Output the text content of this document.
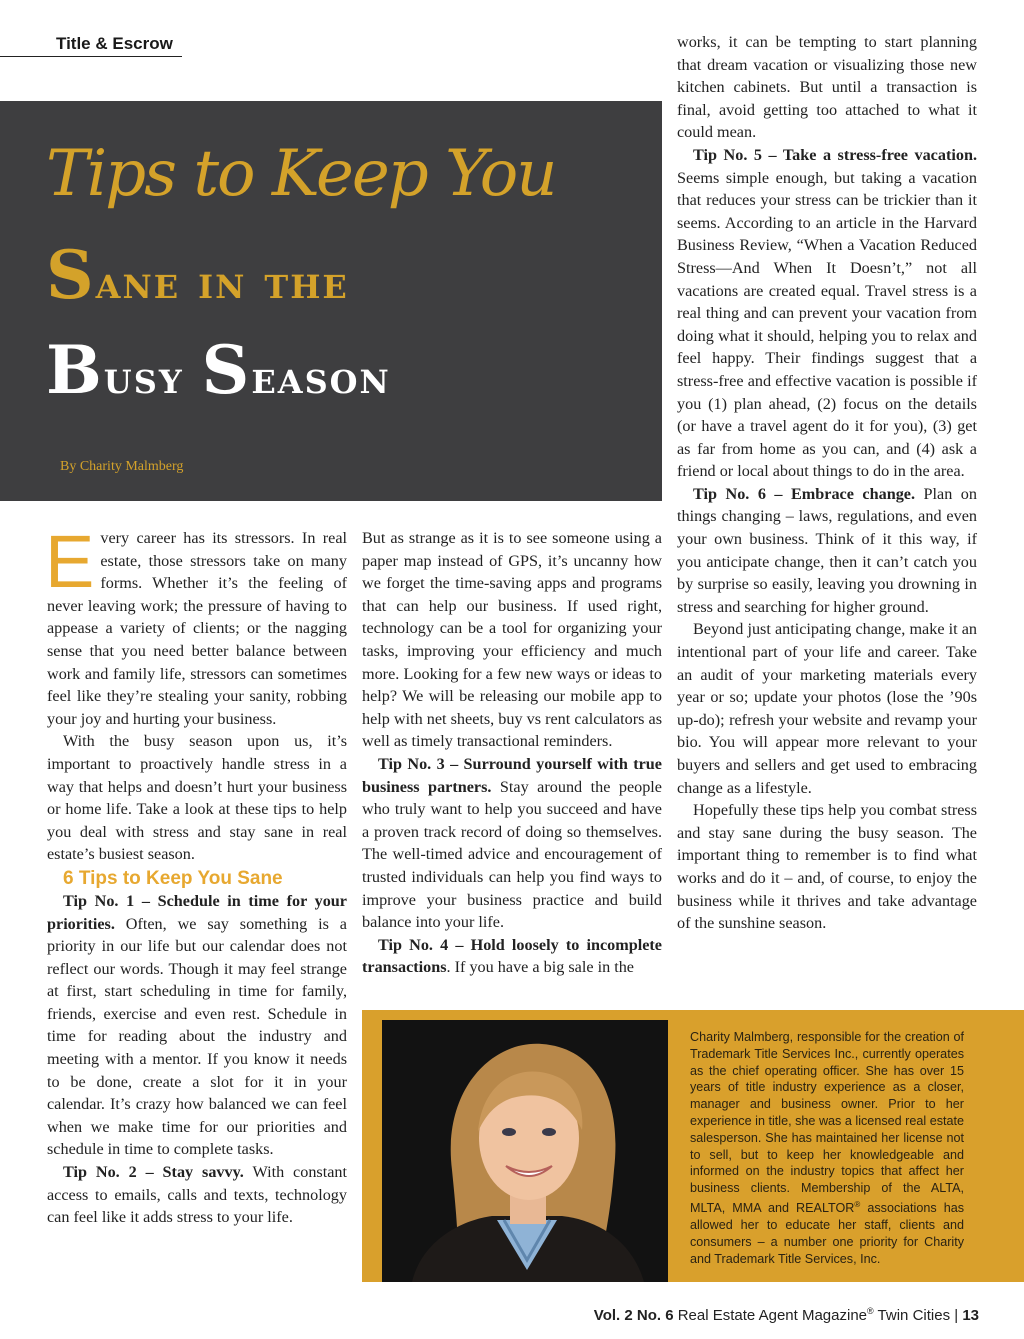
Title & Escrow
Tips to Keep You
Sane in the
Busy Season
By Charity Malmberg

Every career has its stressors. In real estate, those stressors take on many forms. Whether it’s the feeling of never leaving work; the pressure of having to appease a variety of clients; or the nagging sense that you need better balance between work and family life, stressors can sometimes feel like they’re stealing your sanity, robbing your joy and hurting your business.

With the busy season upon us, it’s important to proactively handle stress in a way that helps and doesn’t hurt your business or home life. Take a look at these tips to help you deal with stress and stay sane in real estate’s busiest season.

6 Tips to Keep You Sane

Tip No. 1 – Schedule in time for your priorities. Often, we say something is a priority in our life but our calendar does not reflect our words. Though it may feel strange at first, start scheduling in time for family, friends, exercise and even rest. Schedule in time for reading about the industry and meeting with a mentor. If you know it needs to be done, create a slot for it in your calendar. It’s crazy how balanced we can feel when we make time for our priorities and schedule in time to complete tasks.

Tip No. 2 – Stay savvy. With constant access to emails, calls and texts, technology can feel like it adds stress to your life.

But as strange as it is to see someone using a paper map instead of GPS, it’s uncanny how we forget the time-saving apps and programs that can help our business. If used right, technology can be a tool for organizing your tasks, improving your efficiency and much more. Looking for a few new ways or ideas to help? We will be releasing our mobile app to help with net sheets, buy vs rent calculators as well as timely transactional reminders.

Tip No. 3 – Surround yourself with true business partners. Stay around the people who truly want to help you succeed and have a proven track record of doing so themselves. The well-timed advice and encouragement of trusted individuals can help you find ways to improve your business practice and build balance into your life.

Tip No. 4 – Hold loosely to incomplete transactions. If you have a big sale in the

works, it can be tempting to start planning that dream vacation or visualizing those new kitchen cabinets. But until a transaction is final, avoid getting too attached to what it could mean.

Tip No. 5 – Take a stress-free vacation. Seems simple enough, but taking a vacation that reduces your stress can be trickier than it seems. According to an article in the Harvard Business Review, “When a Vacation Reduced Stress—And When It Doesn’t,” not all vacations are created equal. Travel stress is a real thing and can prevent your vacation from doing what it should, helping you to relax and feel happy. Their findings suggest that a stress-free and effective vacation is possible if you (1) plan ahead, (2) focus on the details (or have a travel agent do it for you), (3) get as far from home as you can, and (4) ask a friend or local about things to do in the area.

Tip No. 6 – Embrace change. Plan on things changing – laws, regulations, and even your own business. Think of it this way, if you anticipate change, then it can’t catch you by surprise so easily, leaving you drowning in stress and searching for higher ground.

Beyond just anticipating change, make it an intentional part of your life and career. Take an audit of your marketing materials every year or so; update your photos (lose the ’90s up-do); refresh your website and revamp your bio. You will appear more relevant to your buyers and sellers and get used to embracing change as a lifestyle.

Hopefully these tips help you combat stress and stay sane during the busy season. The important thing to remember is to find what works and do it – and, of course, to enjoy the business while it thrives and take advantage of the sunshine season.

Charity Malmberg, responsible for the creation of Trademark Title Services Inc., currently operates as the chief operating officer. She has over 15 years of title industry experience as a closer, manager and business owner. Prior to her experience in title, she was a licensed real estate salesperson. She has maintained her license not to sell, but to keep her knowledgeable and informed on the industry topics that affect her business clients. Membership of the ALTA, MLTA, MMA and REALTOR® associations has allowed her to educate her staff, clients and consumers – a number one priority for Charity and Trademark Title Services, Inc.
Vol. 2 No. 6 Real Estate Agent Magazine® Twin Cities | 13
